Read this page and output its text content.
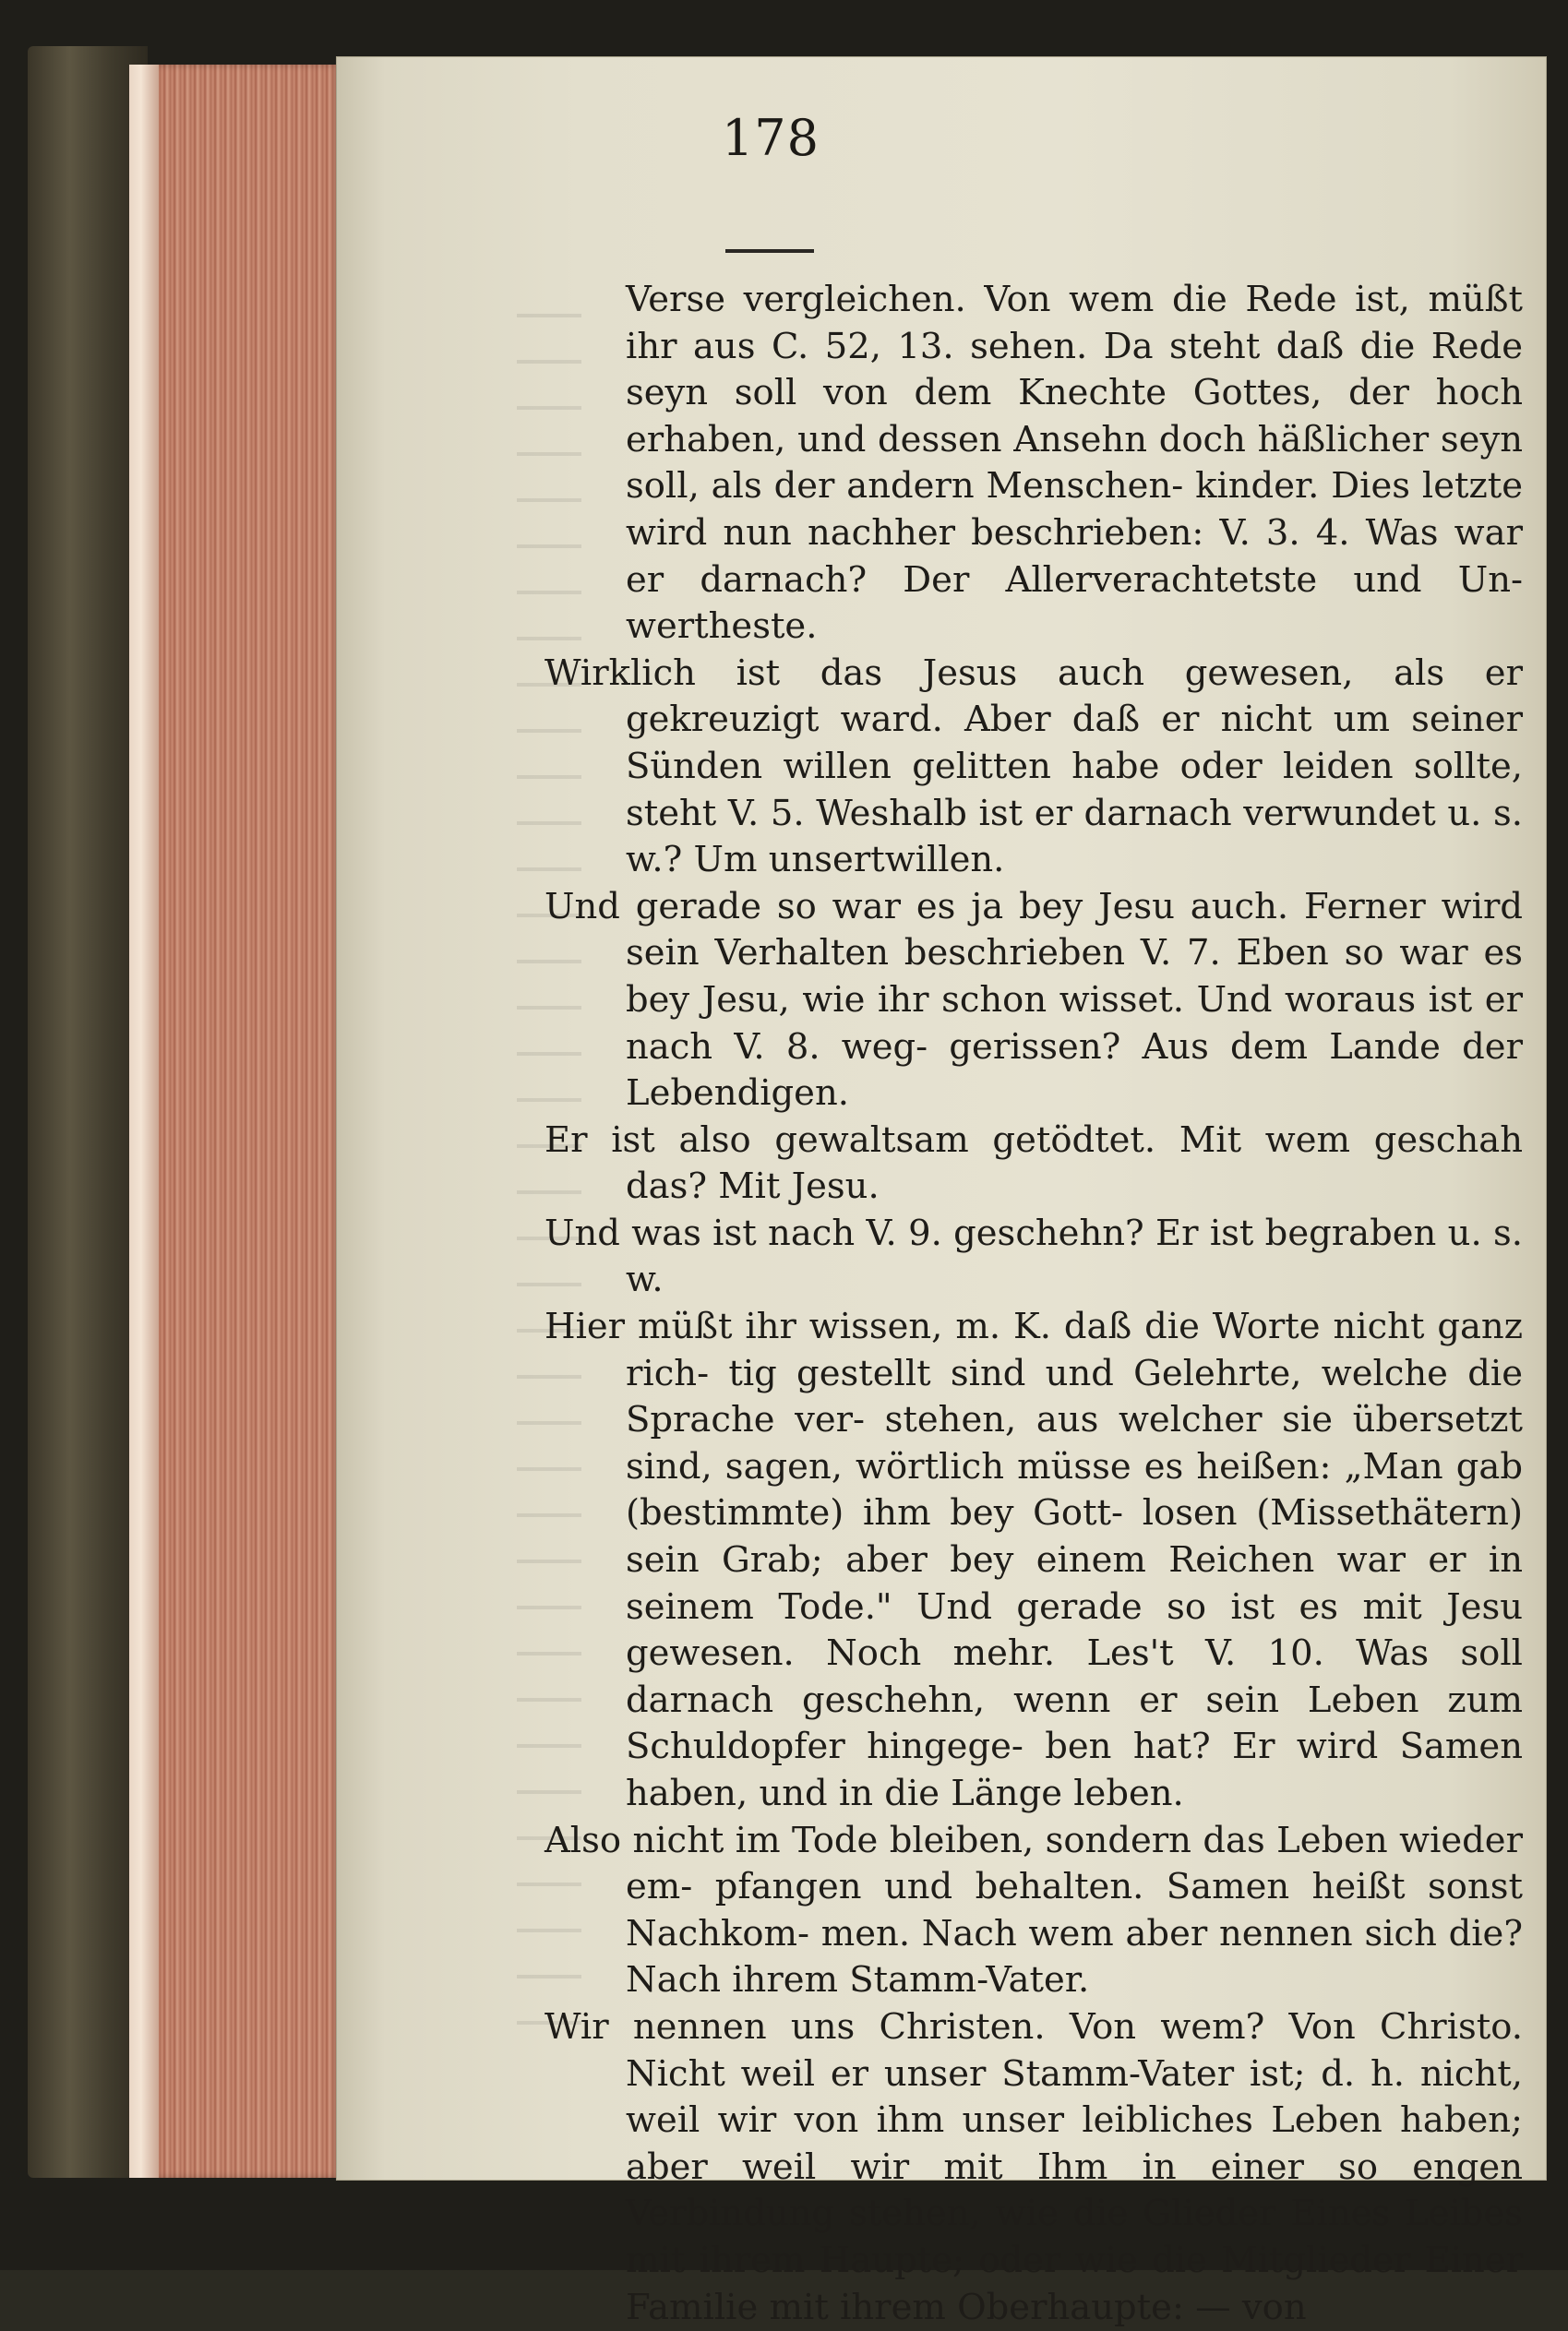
178

Verse vergleichen. Von wem die Rede ist, müßt ihr aus C. 52, 13. sehen. Da steht daß die Rede seyn soll von dem Knechte Gottes, der hoch erhaben, und dessen Ansehn doch häßlicher seyn soll, als der andern Menschen- kinder. Dies letzte wird nun nachher beschrieben: V. 3. 4. Was war er darnach? Der Allerverachtetste und Un- wertheste.

Wirklich ist das Jesus auch gewesen, als er gekreuzigt ward. Aber daß er nicht um seiner Sünden willen gelitten habe oder leiden sollte, steht V. 5. Weshalb ist er darnach verwundet u. s. w.? Um unsertwillen.

Und gerade so war es ja bey Jesu auch. Ferner wird sein Verhalten beschrieben V. 7. Eben so war es bey Jesu, wie ihr schon wisset. Und woraus ist er nach V. 8. weg- gerissen? Aus dem Lande der Lebendigen.

Er ist also gewaltsam getödtet. Mit wem geschah das? Mit Jesu.

Und was ist nach V. 9. geschehn? Er ist begraben u. s. w.

Hier müßt ihr wissen, m. K. daß die Worte nicht ganz rich- tig gestellt sind und Gelehrte, welche die Sprache ver- stehen, aus welcher sie übersetzt sind, sagen, wörtlich müsse es heißen: „Man gab (bestimmte) ihm bey Gott- losen (Missethätern) sein Grab; aber bey einem Reichen war er in seinem Tode." Und gerade so ist es mit Jesu gewesen. Noch mehr. Les't V. 10. Was soll darnach geschehn, wenn er sein Leben zum Schuldopfer hingege- ben hat? Er wird Samen haben, und in die Länge leben.

Also nicht im Tode bleiben, sondern das Leben wieder em- pfangen und behalten. Samen heißt sonst Nachkom- men. Nach wem aber nennen sich die? Nach ihrem Stamm-Vater.

Wir nennen uns Christen. Von wem? Von Christo. Nicht weil er unser Stamm-Vater ist; d. h. nicht, weil wir von ihm unser leibliches Leben haben; aber weil wir mit Ihm in einer so engen Verbindung stehen, wie die Glieder Eines Leibes mit ihrem Haupte; oder wie die Mitglieder Einer Familie mit ihrem Oberhaupte: — von
